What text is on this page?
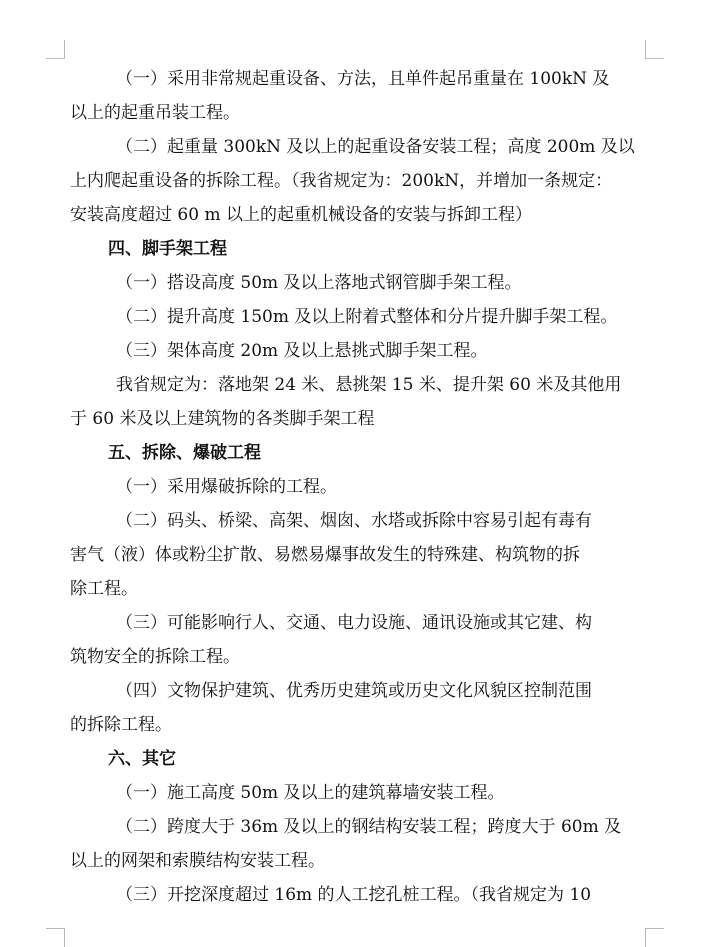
（一）采用非常规起重设备、方法，且单件起吊重量在 100kN 及
以上的起重吊装工程。
（二）起重量 300kN 及以上的起重设备安装工程；高度 200m 及以
上内爬起重设备的拆除工程。（我省规定为：200kN，并增加一条规定：
安装高度超过 60 m 以上的起重机械设备的安装与拆卸工程）
四、脚手架工程
（一）搭设高度 50m 及以上落地式钢管脚手架工程。
（二）提升高度 150m 及以上附着式整体和分片提升脚手架工程。
（三）架体高度 20m 及以上悬挑式脚手架工程。
我省规定为：落地架 24 米、悬挑架 15 米、提升架 60 米及其他用
于 60 米及以上建筑物的各类脚手架工程
五、拆除、爆破工程
（一）采用爆破拆除的工程。
（二）码头、桥梁、高架、烟囱、水塔或拆除中容易引起有毒有
害气（液）体或粉尘扩散、易燃易爆事故发生的特殊建、构筑物的拆
除工程。
（三）可能影响行人、交通、电力设施、通讯设施或其它建、构
筑物安全的拆除工程。
（四）文物保护建筑、优秀历史建筑或历史文化风貌区控制范围
的拆除工程。
六、其它
（一）施工高度 50m 及以上的建筑幕墙安装工程。
（二）跨度大于 36m 及以上的钢结构安装工程；跨度大于 60m 及
以上的网架和索膜结构安装工程。
（三）开挖深度超过 16m 的人工挖孔桩工程。（我省规定为 10
